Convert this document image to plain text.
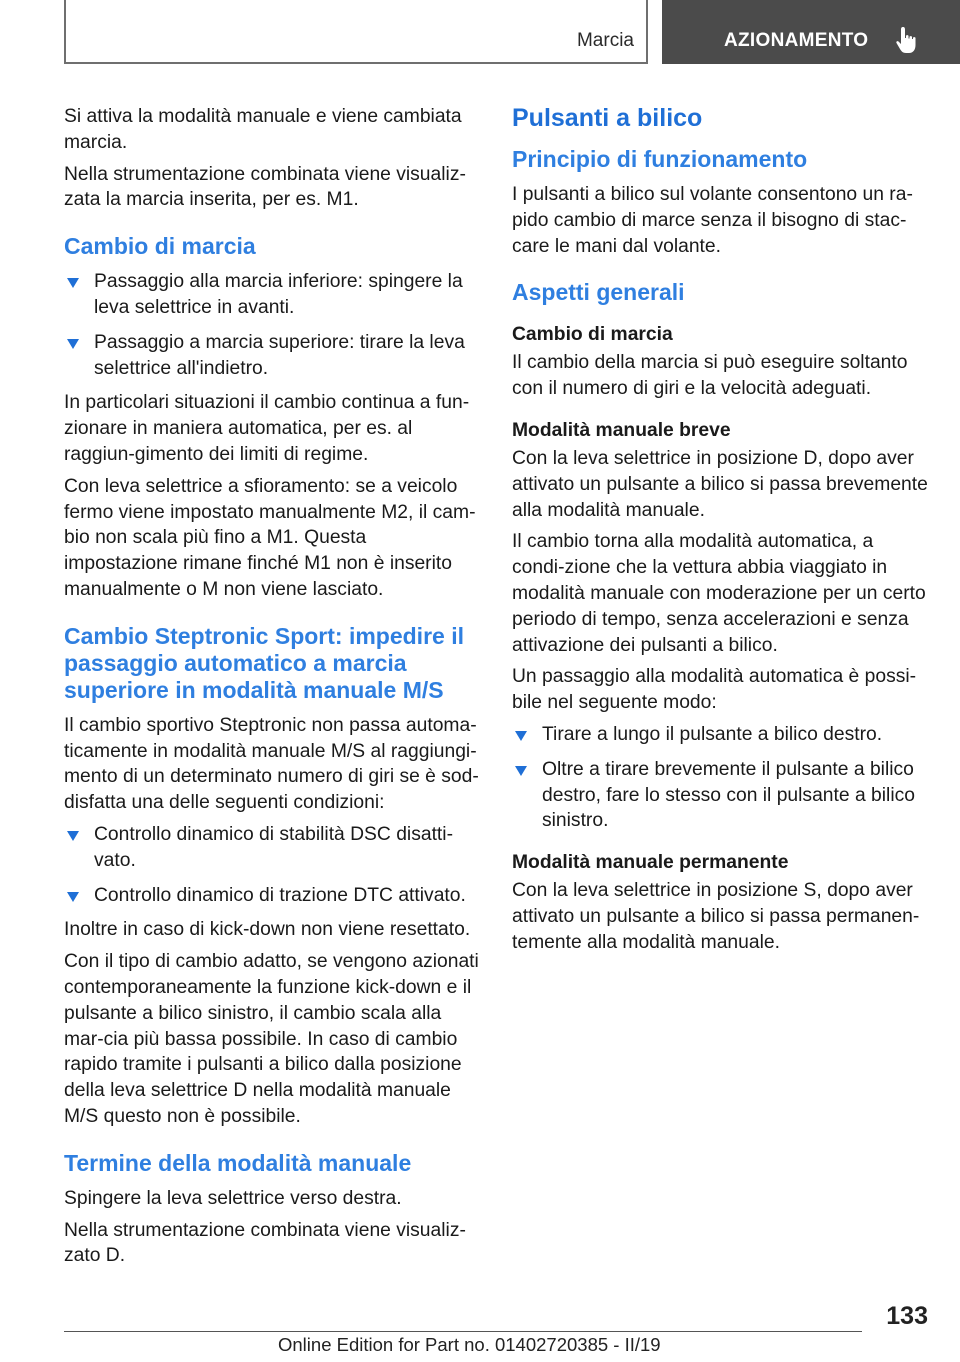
Marcia	AZIONAMENTO

Si attiva la modalità manuale e viene cambiata marcia.

Nella strumentazione combinata viene visualiz‐zata la marcia inserita, per es. M1.

Cambio di marcia
Passaggio alla marcia inferiore: spingere la leva selettrice in avanti.
Passaggio a marcia superiore: tirare la leva selettrice all'indietro.

In particolari situazioni il cambio continua a fun‐zionare in maniera automatica, per es. al raggiun‐gimento dei limiti di regime.

Con leva selettrice a sfioramento: se a veicolo fermo viene impostato manualmente M2, il cam‐bio non scala più fino a M1. Questa impostazione rimane finché M1 non è inserito manualmente o M non viene lasciato.

Cambio Steptronic Sport: impedire il passaggio automatico a marcia superiore in modalità manuale M/S

Il cambio sportivo Steptronic non passa automa‐ticamente in modalità manuale M/S al raggiungi‐mento di un determinato numero di giri se è sod‐disfatta una delle seguenti condizioni:

Controllo dinamico di stabilità DSC disatti‐vato.
Controllo dinamico di trazione DTC attivato.

Inoltre in caso di kick-down non viene resettato.

Con il tipo di cambio adatto, se vengono azionati contemporaneamente la funzione kick-down e il pulsante a bilico sinistro, il cambio scala alla mar‐cia più bassa possibile. In caso di cambio rapido tramite i pulsanti a bilico dalla posizione della leva selettrice D nella modalità manuale M/S questo non è possibile.

Termine della modalità manuale

Spingere la leva selettrice verso destra.

Nella strumentazione combinata viene visualiz‐zato D.

Pulsanti a bilico
Principio di funzionamento

I pulsanti a bilico sul volante consentono un ra‐pido cambio di marce senza il bisogno di stac‐care le mani dal volante.

Aspetti generali
Cambio di marcia

Il cambio della marcia si può eseguire soltanto con il numero di giri e la velocità adeguati.

Modalità manuale breve

Con la leva selettrice in posizione D, dopo aver attivato un pulsante a bilico si passa brevemente alla modalità manuale.

Il cambio torna alla modalità automatica, a condi‐zione che la vettura abbia viaggiato in modalità manuale con moderazione per un certo periodo di tempo, senza accelerazioni e senza attivazione dei pulsanti a bilico.

Un passaggio alla modalità automatica è possi‐bile nel seguente modo:

Tirare a lungo il pulsante a bilico destro.
Oltre a tirare brevemente il pulsante a bilico destro, fare lo stesso con il pulsante a bilico sinistro.
Modalità manuale permanente

Con la leva selettrice in posizione S, dopo aver attivato un pulsante a bilico si passa permanen‐temente alla modalità manuale.

133
Online Edition for Part no. 01402720385 - II/19
